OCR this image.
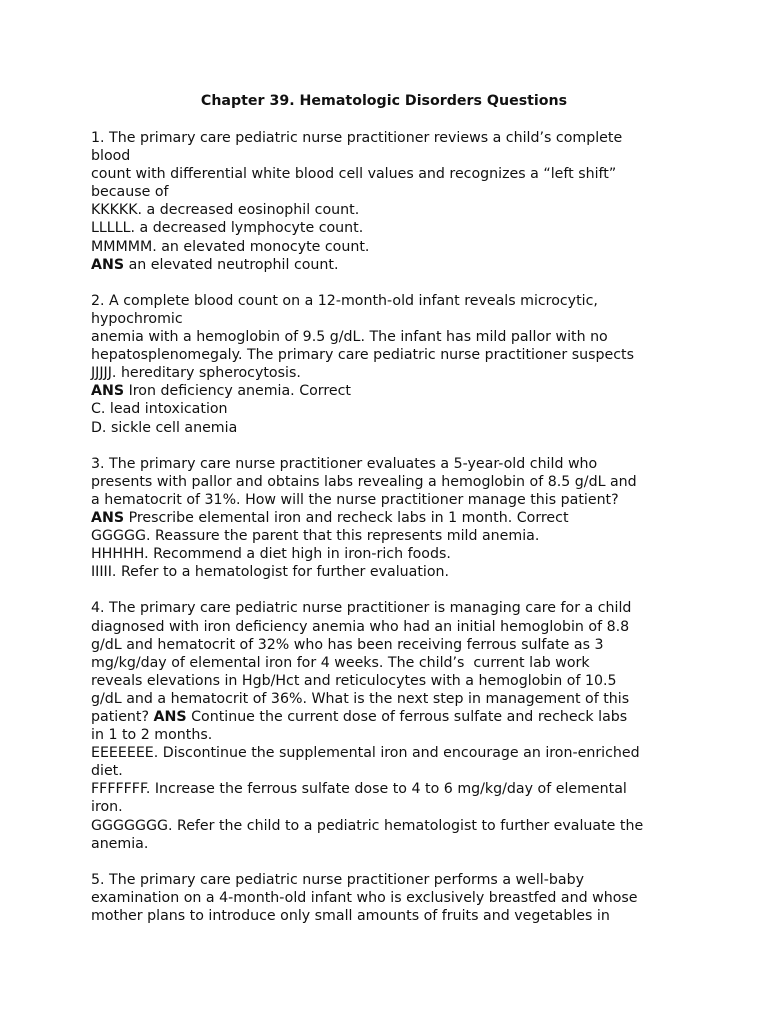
Chapter 39. Hematologic Disorders Questions
1. The primary care pediatric nurse practitioner reviews a child’s complete
blood
count with differential white blood cell values and recognizes a “left shift”
because of
KKKKK. a decreased eosinophil count.
LLLLL. a decreased lymphocyte count.
MMMMM. an elevated monocyte count.
ANS an elevated neutrophil count.
2. A complete blood count on a 12-month-old infant reveals microcytic,
hypochromic
anemia with a hemoglobin of 9.5 g/dL. The infant has mild pallor with no
hepatosplenomegaly. The primary care pediatric nurse practitioner suspects
JJJJJ. hereditary spherocytosis.
ANS Iron deficiency anemia. Correct
C. lead intoxication
D. sickle cell anemia
3. The primary care nurse practitioner evaluates a 5-year-old child who
presents with pallor and obtains labs revealing a hemoglobin of 8.5 g/dL and
a hematocrit of 31%. How will the nurse practitioner manage this patient?
ANS Prescribe elemental iron and recheck labs in 1 month. Correct
GGGGG. Reassure the parent that this represents mild anemia.
HHHHH. Recommend a diet high in iron-rich foods.
IIIII. Refer to a hematologist for further evaluation.
4. The primary care pediatric nurse practitioner is managing care for a child
diagnosed with iron deficiency anemia who had an initial hemoglobin of 8.8
g/dL and hematocrit of 32% who has been receiving ferrous sulfate as 3
mg/kg/day of elemental iron for 4 weeks. The child’s  current lab work
reveals elevations in Hgb/Hct and reticulocytes with a hemoglobin of 10.5
g/dL and a hematocrit of 36%. What is the next step in management of this
patient? ANS Continue the current dose of ferrous sulfate and recheck labs
in 1 to 2 months.
EEEEEEE. Discontinue the supplemental iron and encourage an iron-enriched
diet.
FFFFFFF. Increase the ferrous sulfate dose to 4 to 6 mg/kg/day of elemental
iron.
GGGGGGG. Refer the child to a pediatric hematologist to further evaluate the
anemia.
5. The primary care pediatric nurse practitioner performs a well-baby
examination on a 4-month-old infant who is exclusively breastfed and whose
mother plans to introduce only small amounts of fruits and vegetables in
